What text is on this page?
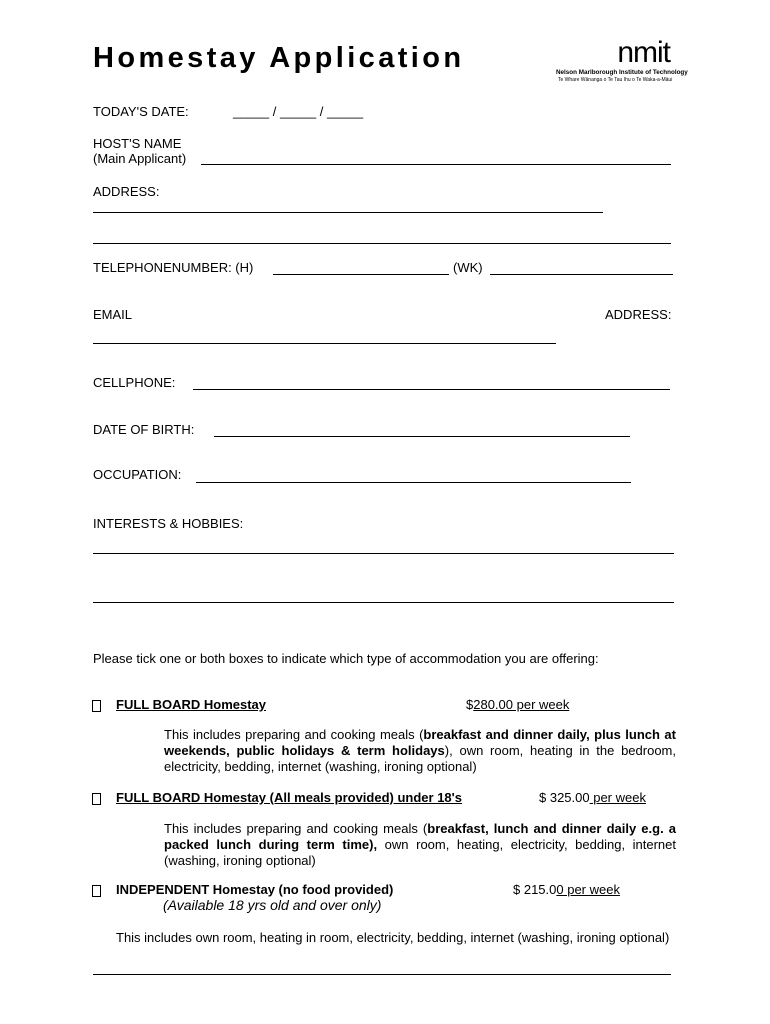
Homestay Application	nmit
Nelson Marlborough Institute of Technology
Te Whare Wānanga o Te Tau Ihu o Te Waka-a-Māui
TODAY'S DATE:	_____ / _____ / _____
HOST'S NAME
(Main Applicant)
ADDRESS:
TELEPHONENUMBER: (H)	(WK)
EMAIL	ADDRESS:
CELLPHONE:
DATE OF BIRTH:
OCCUPATION:
INTERESTS & HOBBIES:
Please tick one or both boxes to indicate which type of accommodation you are offering:
FULL BOARD Homestay	$280.00 per week
This includes preparing and cooking meals (breakfast and dinner daily, plus lunch at weekends, public holidays & term holidays), own room, heating in the bedroom, electricity, bedding, internet (washing, ironing optional)
FULL BOARD Homestay (All meals provided) under 18's	$ 325.00 per week
This includes preparing and cooking meals (breakfast, lunch and dinner daily e.g. a packed lunch during term time), own room, heating, electricity, bedding, internet (washing, ironing optional)
INDEPENDENT Homestay (no food provided)	$ 215.00 per week
(Available 18 yrs old and over only)
This includes own room, heating in room, electricity, bedding, internet (washing, ironing optional)
